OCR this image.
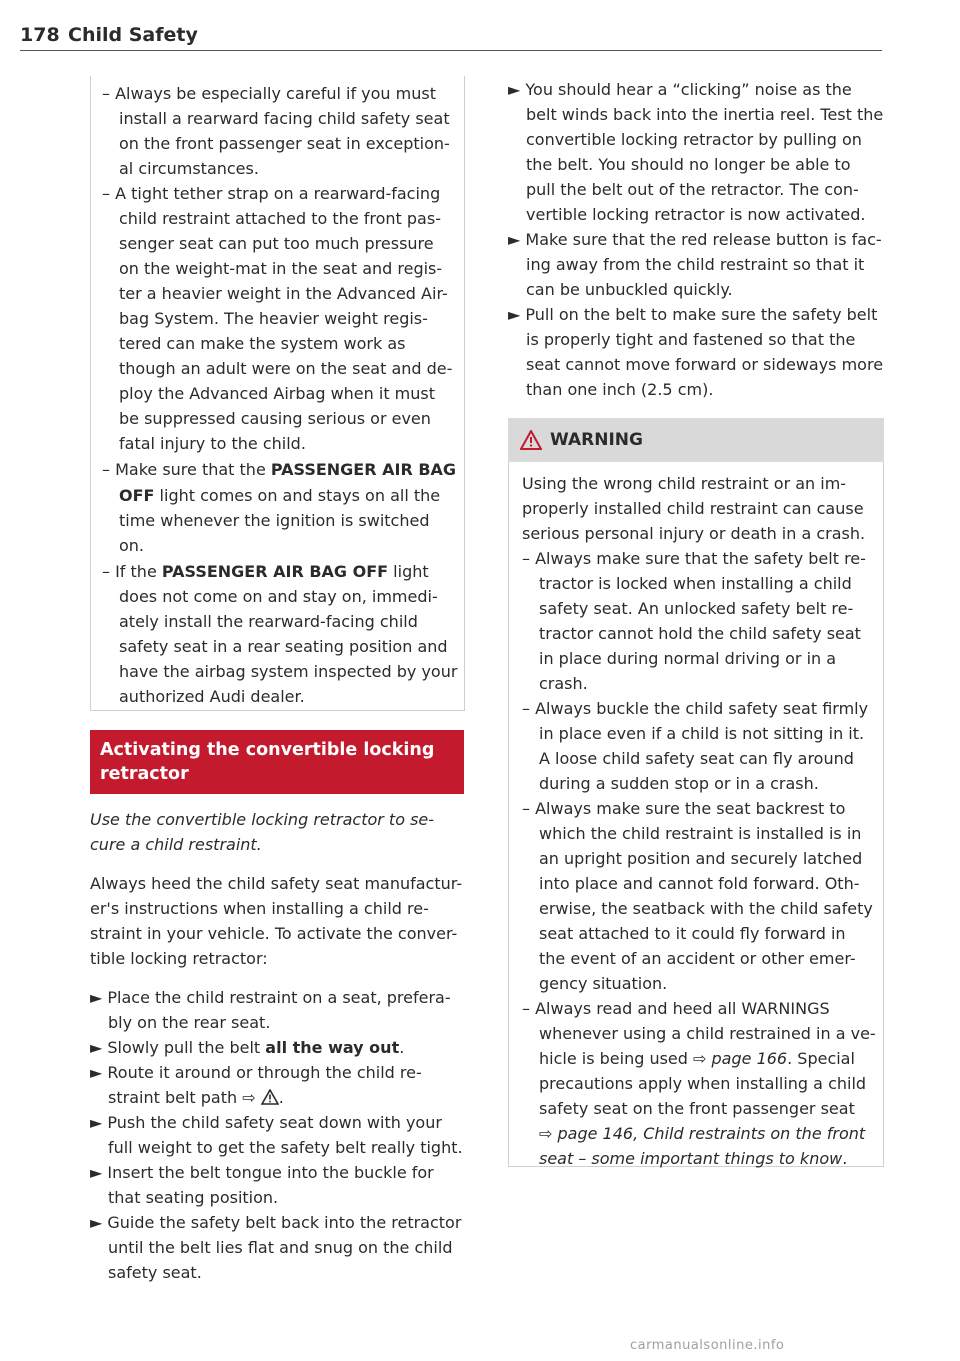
178 Child Safety
– Always be especially careful if you must
install a rearward facing child safety seat
on the front passenger seat in exception-
al circumstances.
– A tight tether strap on a rearward-facing
child restraint attached to the front pas-
senger seat can put too much pressure
on the weight-mat in the seat and regis-
ter a heavier weight in the Advanced Air-
bag System. The heavier weight regis-
tered can make the system work as
though an adult were on the seat and de-
ploy the Advanced Airbag when it must
be suppressed causing serious or even
fatal injury to the child.
– Make sure that the PASSENGER AIR BAG
OFF light comes on and stays on all the
time whenever the ignition is switched
on.
– If the PASSENGER AIR BAG OFF light
does not come on and stay on, immedi-
ately install the rearward-facing child
safety seat in a rear seating position and
have the airbag system inspected by your
authorized Audi dealer.
Activating the convertible locking
retractor
Use the convertible locking retractor to se-
cure a child restraint.
Always heed the child safety seat manufactur-
er's instructions when installing a child re-
straint in your vehicle. To activate the conver-
tible locking retractor:
► Place the child restraint on a seat, prefera-
bly on the rear seat.
► Slowly pull the belt all the way out.
► Route it around or through the child re-
straint belt path ⇨ .
► Push the child safety seat down with your
full weight to get the safety belt really tight.
► Insert the belt tongue into the buckle for
that seating position.
► Guide the safety belt back into the retractor
until the belt lies flat and snug on the child
safety seat.
► You should hear a “clicking” noise as the
belt winds back into the inertia reel. Test the
convertible locking retractor by pulling on
the belt. You should no longer be able to
pull the belt out of the retractor. The con-
vertible locking retractor is now activated.
► Make sure that the red release button is fac-
ing away from the child restraint so that it
can be unbuckled quickly.
► Pull on the belt to make sure the safety belt
is properly tight and fastened so that the
seat cannot move forward or sideways more
than one inch (2.5 cm).
WARNING
Using the wrong child restraint or an im-
properly installed child restraint can cause
serious personal injury or death in a crash.
– Always make sure that the safety belt re-
tractor is locked when installing a child
safety seat. An unlocked safety belt re-
tractor cannot hold the child safety seat
in place during normal driving or in a
crash.
– Always buckle the child safety seat firmly
in place even if a child is not sitting in it.
A loose child safety seat can fly around
during a sudden stop or in a crash.
– Always make sure the seat backrest to
which the child restraint is installed is in
an upright position and securely latched
into place and cannot fold forward. Oth-
erwise, the seatback with the child safety
seat attached to it could fly forward in
the event of an accident or other emer-
gency situation.
– Always read and heed all WARNINGS
whenever using a child restrained in a ve-
hicle is being used ⇨ page 166. Special
precautions apply when installing a child
safety seat on the front passenger seat
⇨ page 146, Child restraints on the front
seat – some important things to know.
carmanualsonline.info
